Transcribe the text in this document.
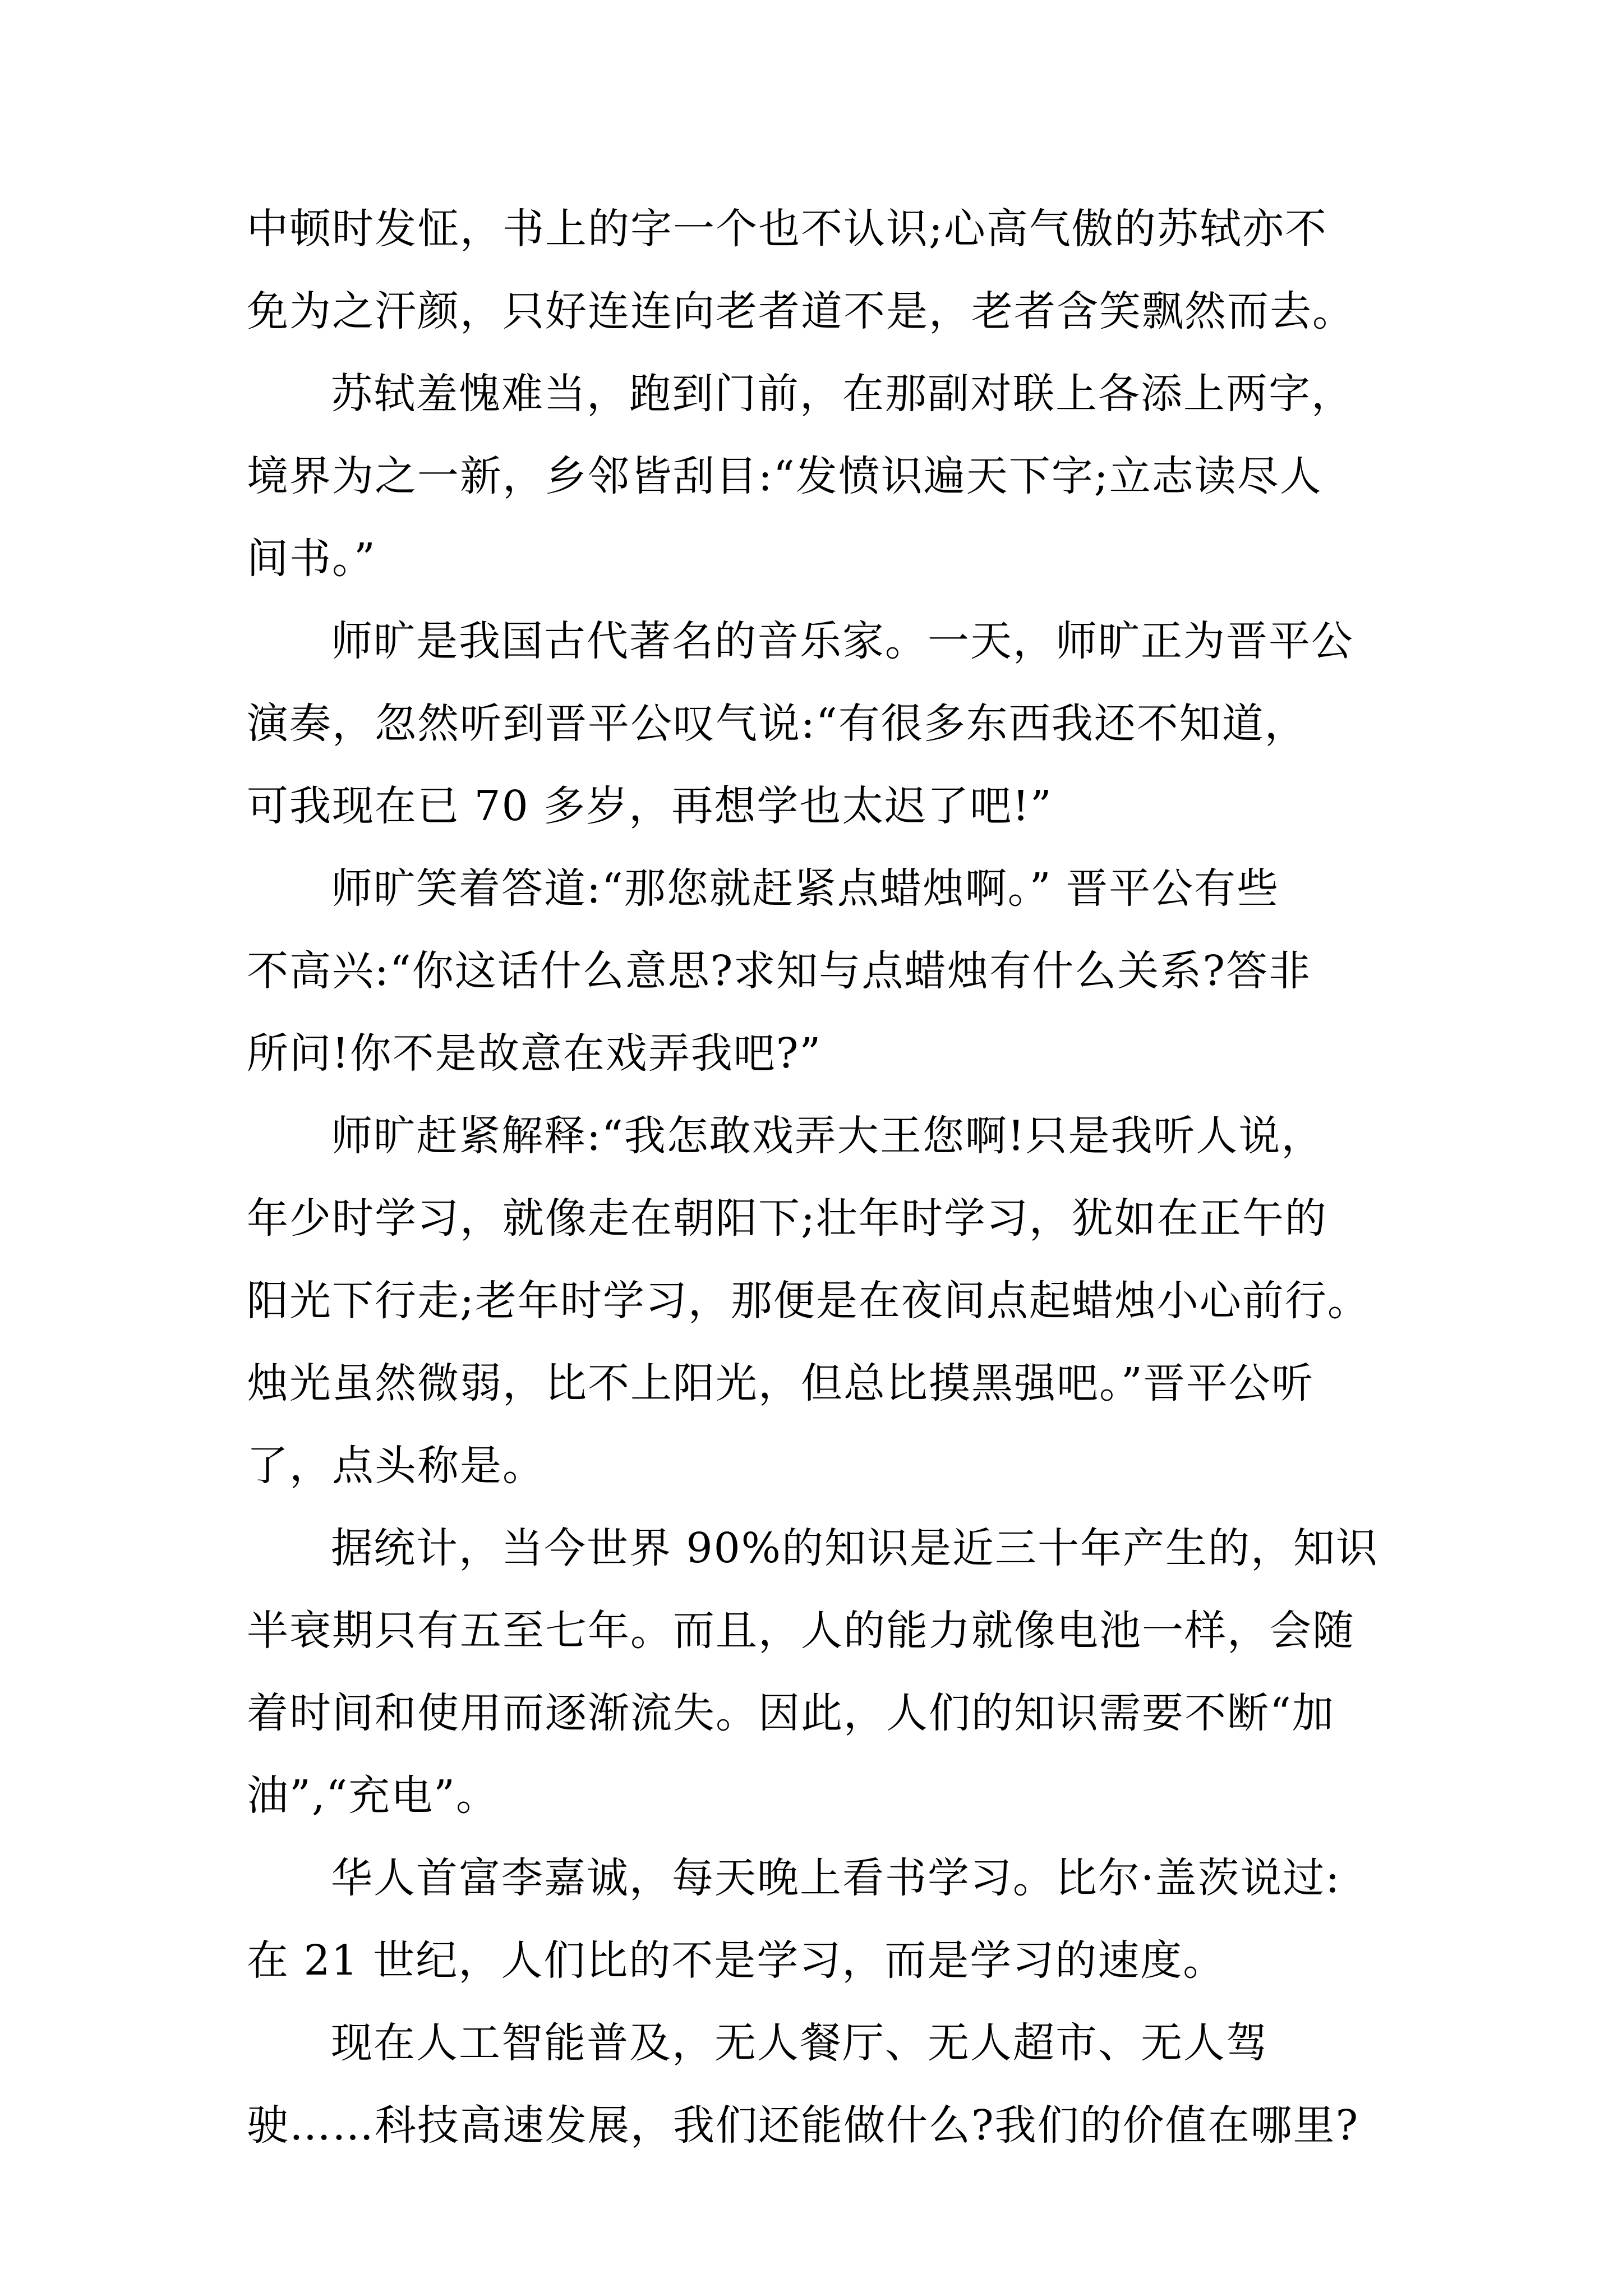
中顿时发怔，书上的字一个也不认识;心高气傲的苏轼亦不
免为之汗颜，只好连连向老者道不是，老者含笑飘然而去。
苏轼羞愧难当，跑到门前，在那副对联上各添上两字，
境界为之一新，乡邻皆刮目:“发愤识遍天下字;立志读尽人
间书。”
师旷是我国古代著名的音乐家。一天，师旷正为晋平公
演奏，忽然听到晋平公叹气说:“有很多东西我还不知道，
可我现在已 70 多岁，再想学也太迟了吧!”
师旷笑着答道:“那您就赶紧点蜡烛啊。” 晋平公有些
不高兴:“你这话什么意思?求知与点蜡烛有什么关系?答非
所问!你不是故意在戏弄我吧?”
师旷赶紧解释:“我怎敢戏弄大王您啊!只是我听人说，
年少时学习，就像走在朝阳下;壮年时学习，犹如在正午的
阳光下行走;老年时学习，那便是在夜间点起蜡烛小心前行。
烛光虽然微弱，比不上阳光，但总比摸黑强吧。”晋平公听
了，点头称是。
据统计，当今世界 90%的知识是近三十年产生的，知识
半衰期只有五至七年。而且，人的能力就像电池一样，会随
着时间和使用而逐渐流失。因此，人们的知识需要不断“加
油”,“充电”。
华人首富李嘉诚，每天晚上看书学习。比尔·盖茨说过:
在 21 世纪，人们比的不是学习，而是学习的速度。
现在人工智能普及，无人餐厅、无人超市、无人驾
驶……科技高速发展，我们还能做什么?我们的价值在哪里?
